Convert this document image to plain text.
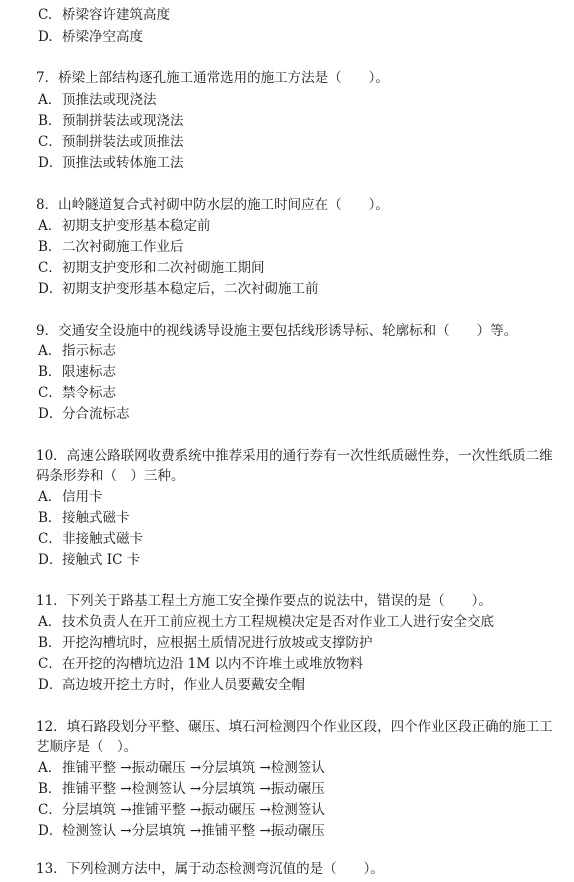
C. 桥梁容许建筑高度
D. 桥梁净空高度
7．桥梁上部结构逐孔施工通常选用的施工方法是（　　）。
A．顶推法或现浇法
B．预制拼装法或现浇法
C．预制拼装法或顶推法
D．顶推法或转体施工法
8．山岭隧道复合式衬砌中防水层的施工时间应在（　　）。
A．初期支护变形基本稳定前
B．二次衬砌施工作业后
C．初期支护变形和二次衬砌施工期间
D．初期支护变形基本稳定后，二次衬砌施工前
9．交通安全设施中的视线诱导设施主要包括线形诱导标、轮廓标和（　　）等。
A．指示标志
B．限速标志
C．禁令标志
D．分合流标志
10．高速公路联网收费系统中推荐采用的通行券有一次性纸质磁性券，一次性纸质二维
码条形券和（　）三种。
A．信用卡
B．接触式磁卡
C．非接触式磁卡
D．接触式 IC 卡
11．下列关于路基工程土方施工安全操作要点的说法中，错误的是（　　）。
A．技术负责人在开工前应视土方工程规模决定是否对作业工人进行安全交底
B．开挖沟槽坑时，应根据土质情况进行放坡或支撑防护
C．在开挖的沟槽坑边沿 1M 以内不许堆土或堆放物料
D．高边坡开挖土方时，作业人员要戴安全帽
12．填石路段划分平整、碾压、填石河检测四个作业区段，四个作业区段正确的施工工
艺顺序是（　）。
A．推铺平整 →振动碾压 →分层填筑 →检测签认
B．推铺平整 →检测签认 →分层填筑 →振动碾压
C．分层填筑 →推铺平整 →振动碾压 →检测签认
D．检测签认 →分层填筑 →推铺平整 →振动碾压
13．下列检测方法中，属于动态检测弯沉值的是（　　）。
